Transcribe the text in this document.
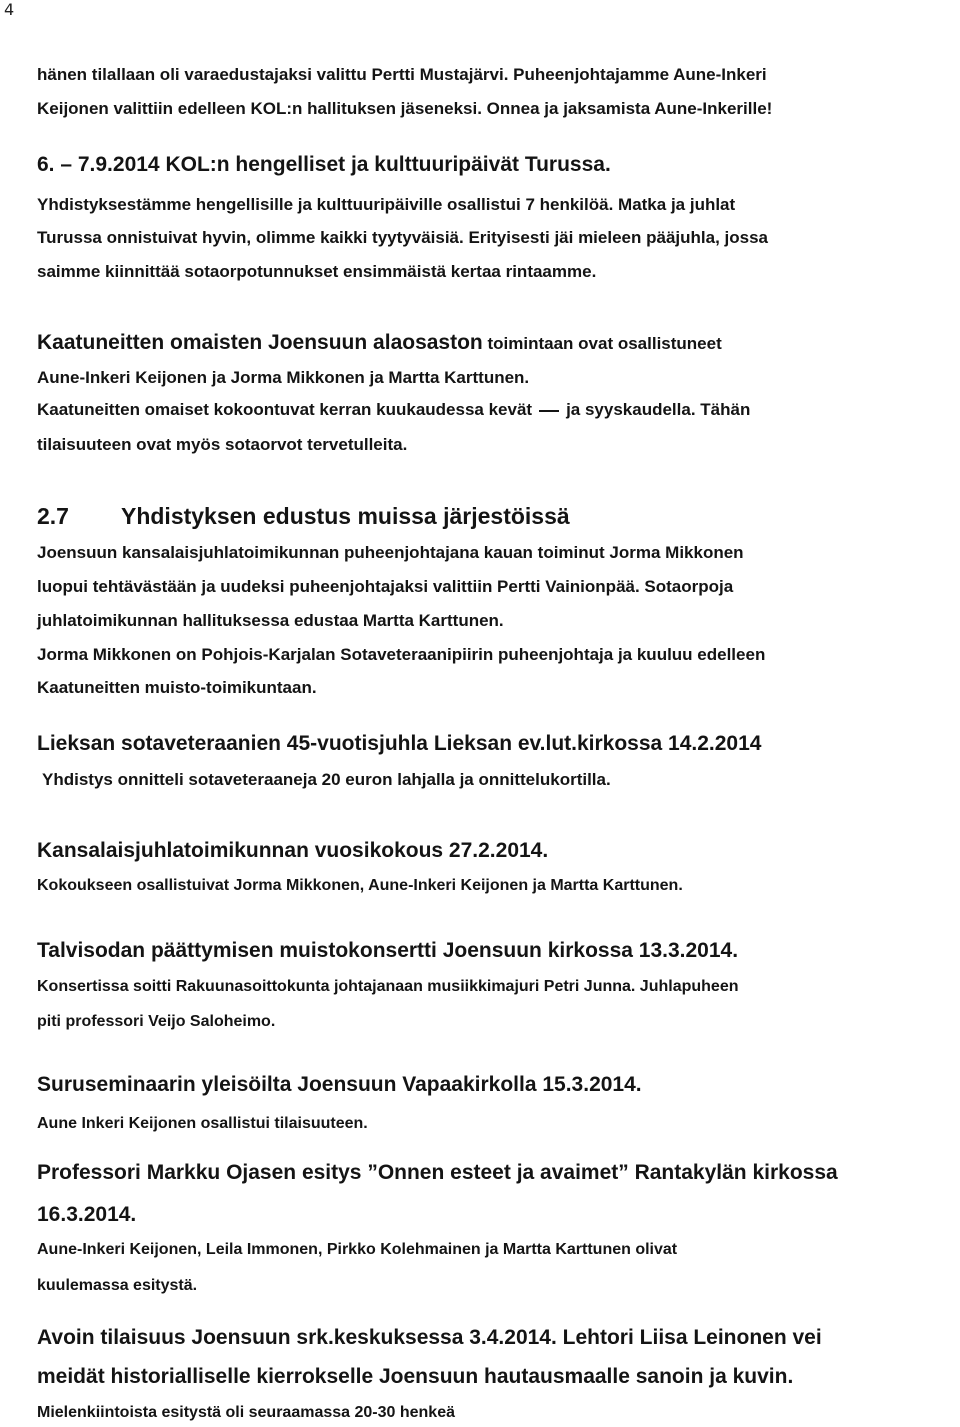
4
hänen tilallaan oli varaedustajaksi valittu Pertti Mustajärvi. Puheenjohtajamme Aune-Inkeri
Keijonen valittiin edelleen KOL:n hallituksen jäseneksi. Onnea ja jaksamista Aune-Inkerille!
6. – 7.9.2014 KOL:n hengelliset ja kulttuuripäivät Turussa.
Yhdistyksestämme hengellisille ja kulttuuripäiville osallistui 7 henkilöä. Matka ja juhlat
Turussa onnistuivat hyvin, olimme kaikki tyytyväisiä. Erityisesti jäi mieleen pääjuhla, jossa
saimme kiinnittää sotaorpotunnukset ensimmäistä kertaa rintaamme.
Kaatuneitten omaisten Joensuun alaosaston toimintaan ovat osallistuneet
Aune-Inkeri Keijonen ja Jorma Mikkonen ja Martta Karttunen.
Kaatuneitten omaiset kokoontuvat kerran kuukaudessa kevät ja syyskaudella. Tähän
tilaisuuteen ovat myös sotaorvot tervetulleita.
2.7 Yhdistyksen edustus muissa järjestöissä
Joensuun kansalaisjuhlatoimikunnan puheenjohtajana kauan toiminut Jorma Mikkonen
luopui tehtävästään ja uudeksi puheenjohtajaksi valittiin Pertti Vainionpää. Sotaorpoja
juhlatoimikunnan hallituksessa edustaa Martta Karttunen.
Jorma Mikkonen on Pohjois-Karjalan Sotaveteraanipiirin puheenjohtaja ja kuuluu edelleen
Kaatuneitten muisto-toimikuntaan.
Lieksan sotaveteraanien 45-vuotisjuhla Lieksan ev.lut.kirkossa 14.2.2014
Yhdistys onnitteli sotaveteraaneja 20 euron lahjalla ja onnittelukortilla.
Kansalaisjuhlatoimikunnan vuosikokous 27.2.2014.
Kokoukseen osallistuivat Jorma Mikkonen, Aune-Inkeri Keijonen ja Martta Karttunen.
Talvisodan päättymisen muistokonsertti Joensuun kirkossa 13.3.2014.
Konsertissa soitti Rakuunasoittokunta johtajanaan musiikkimajuri Petri Junna. Juhlapuheen
piti professori Veijo Saloheimo.
Suruseminaarin yleisöilta Joensuun Vapaakirkolla 15.3.2014.
Aune Inkeri Keijonen osallistui tilaisuuteen.
Professori Markku Ojasen esitys ”Onnen esteet ja avaimet” Rantakylän kirkossa
16.3.2014.
Aune-Inkeri Keijonen, Leila Immonen, Pirkko Kolehmainen ja Martta Karttunen olivat
kuulemassa esitystä.
Avoin tilaisuus Joensuun srk.keskuksessa 3.4.2014. Lehtori Liisa Leinonen vei
meidät historialliselle kierrokselle Joensuun hautausmaalle sanoin ja kuvin.
Mielenkiintoista esitystä oli seuraamassa 20-30 henkeä
